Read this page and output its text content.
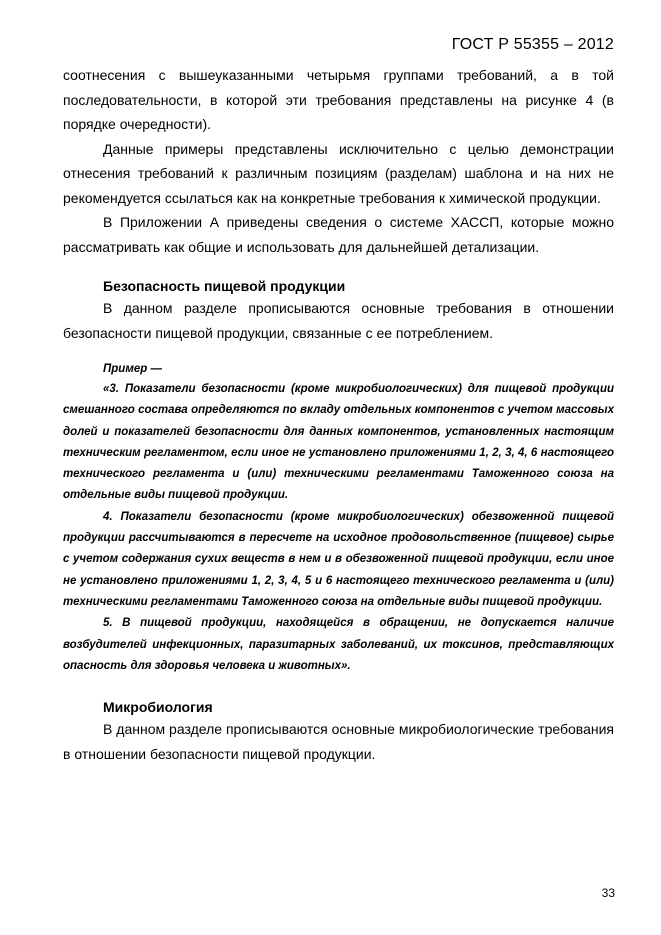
ГОСТ Р 55355 – 2012

соотнесения с вышеуказанными четырьмя группами требований, а в той последовательности, в которой эти требования представлены на рисунке 4 (в порядке очередности).

Данные примеры представлены исключительно с целью демонстрации отнесения требований к различным позициям (разделам) шаблона и на них не рекомендуется ссылаться как на конкретные требования к химической продукции.

В Приложении А приведены сведения о системе ХАССП, которые можно рассматривать как общие и использовать для дальнейшей детализации.

Безопасность пищевой продукции

В данном разделе прописываются основные требования в отношении безопасности пищевой продукции, связанные с ее потреблением.

Пример —

«3. Показатели безопасности (кроме микробиологических) для пищевой продукции смешанного состава определяются по вкладу отдельных компонентов с учетом массовых долей и показателей безопасности для данных компонентов, установленных настоящим техническим регламентом, если иное не установлено приложениями 1, 2, 3, 4, 6 настоящего технического регламента и (или) техническими регламентами Таможенного союза на отдельные виды пищевой продукции.

4. Показатели безопасности (кроме микробиологических) обезвоженной пищевой продукции рассчитываются в пересчете на исходное продовольственное (пищевое) сырье с учетом содержания сухих веществ в нем и в обезвоженной пищевой продукции, если иное не установлено приложениями 1, 2, 3, 4, 5 и 6 настоящего технического регламента и (или) техническими регламентами Таможенного союза на отдельные виды пищевой продукции.

5. В пищевой продукции, находящейся в обращении, не допускается наличие возбудителей инфекционных, паразитарных заболеваний, их токсинов, представляющих опасность для здоровья человека и животных».

Микробиология

В данном разделе прописываются основные микробиологические требования в отношении безопасности пищевой продукции.

33
